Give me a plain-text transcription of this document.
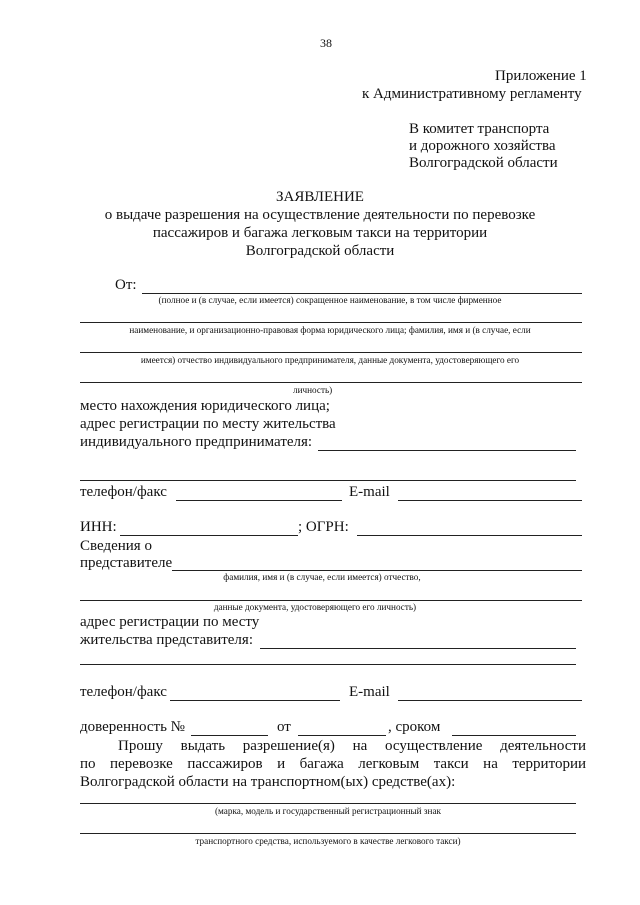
38
Приложение 1
к Административному регламенту
В комитет транспорта
и дорожного хозяйства
Волгоградской области
ЗАЯВЛЕНИЕ
о выдаче разрешения на осуществление деятельности по перевозке
пассажиров и багажа легковым такси на территории
Волгоградской области
От:
(полное и (в случае, если имеется) сокращенное наименование, в том числе фирменное
наименование, и организационно-правовая форма юридического лица; фамилия, имя и (в случае, если
имеется) отчество индивидуального предпринимателя, данные документа, удостоверяющего его
личность)
место нахождения юридического лица;
адрес регистрации по месту жительства
индивидуального предпринимателя:
телефон/факс	E-mail
ИНН:	; ОГРН:
Сведения о
представителе
фамилия, имя и (в случае, если имеется) отчество,
данные документа, удостоверяющего его личность)
адрес регистрации по месту
жительства представителя:
телефон/факс	E-mail
доверенность №	от	, сроком
Прошу выдать разрешение(я) на осуществление деятельности
по перевозке пассажиров и багажа легковым такси на территории
Волгоградской области на транспортном(ых) средстве(ах):
(марка, модель и государственный регистрационный знак
транспортного средства, используемого в качестве легкового такси)
